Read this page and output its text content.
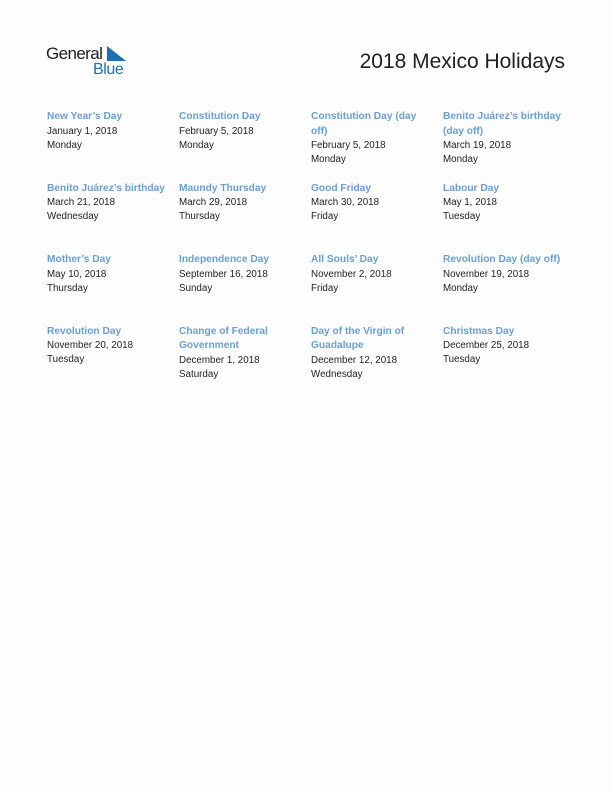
General
Blue	2018 Mexico Holidays
New Year’s Day
January 1, 2018
Monday
Constitution Day
February 5, 2018
Monday
Constitution Day (day off)
February 5, 2018
Monday
Benito Juárez’s birthday (day off)
March 19, 2018
Monday
Benito Juárez’s birthday
March 21, 2018
Wednesday
Maundy Thursday
March 29, 2018
Thursday
Good Friday
March 30, 2018
Friday
Labour Day
May 1, 2018
Tuesday
Mother’s Day
May 10, 2018
Thursday
Independence Day
September 16, 2018
Sunday
All Souls’ Day
November 2, 2018
Friday
Revolution Day (day off)
November 19, 2018
Monday
Revolution Day
November 20, 2018
Tuesday
Change of Federal Government
December 1, 2018
Saturday
Day of the Virgin of Guadalupe
December 12, 2018
Wednesday
Christmas Day
December 25, 2018
Tuesday
